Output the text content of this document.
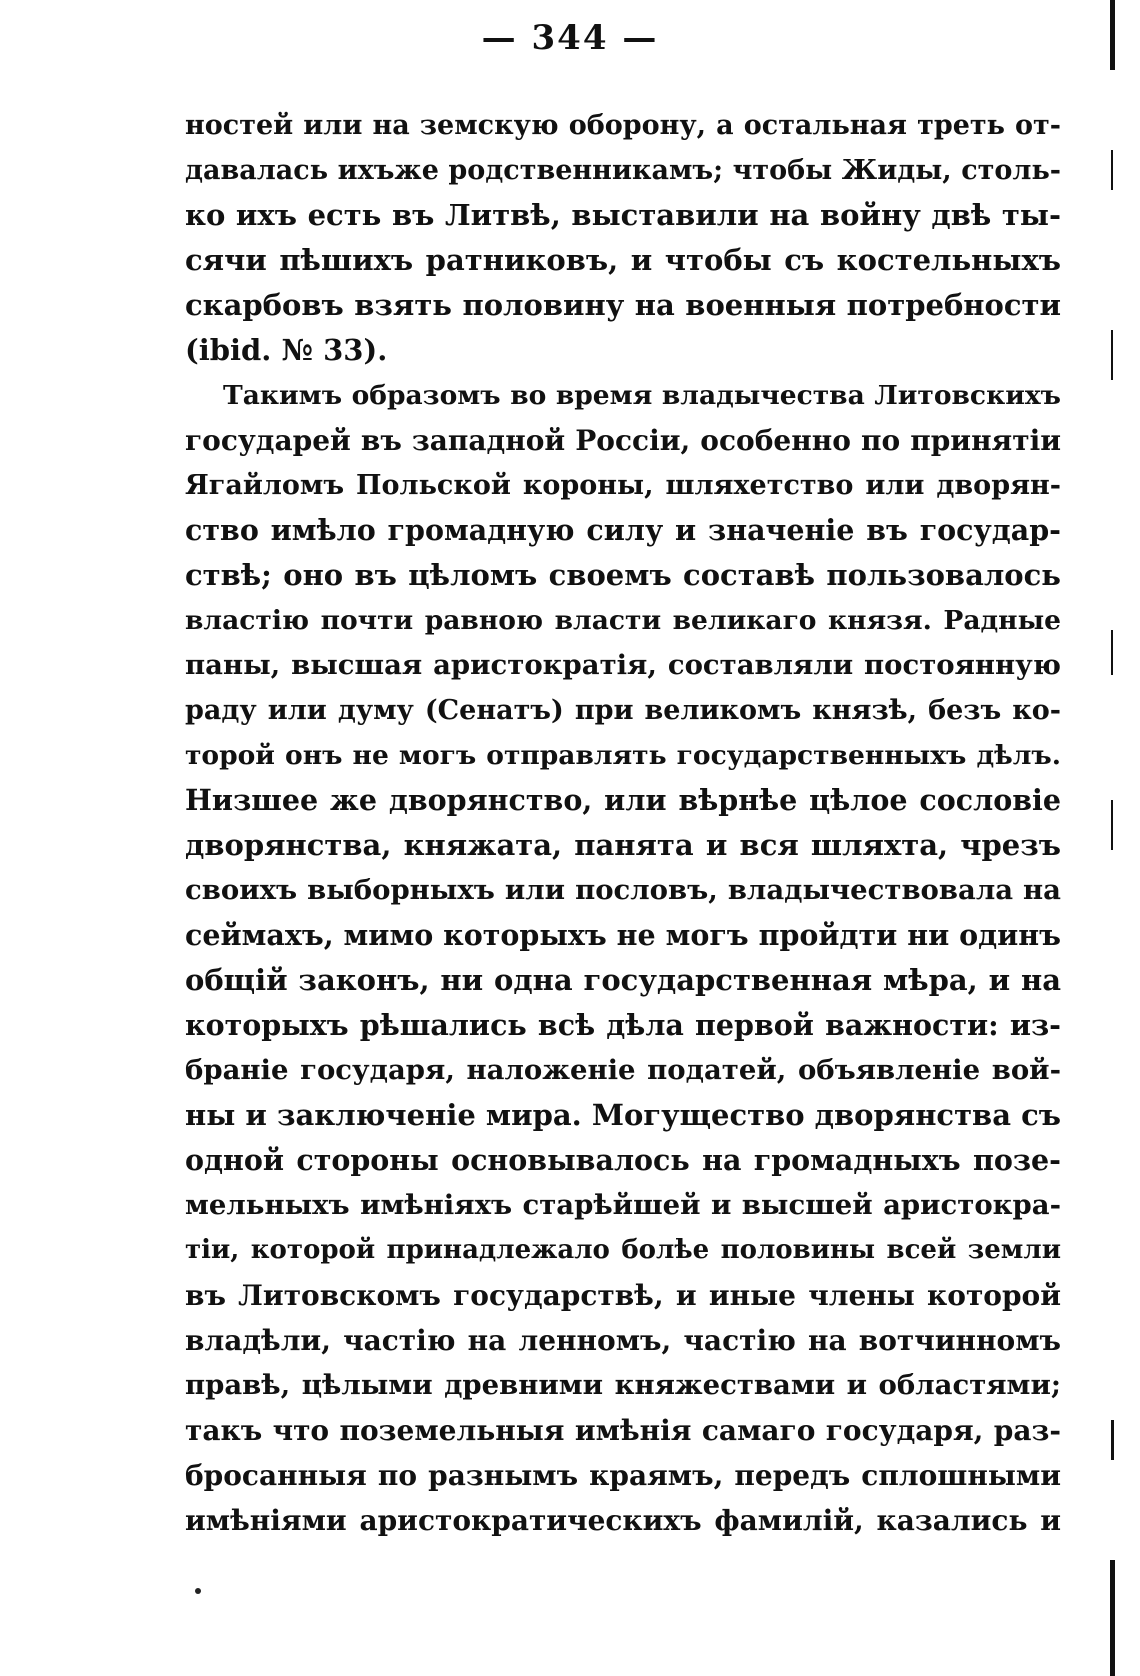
— 344 —
ностей или на земскую оборону, а остальная треть от-
давалась ихъже родственникамъ; чтобы Жиды, столь-
ко ихъ есть въ Литвѣ, выставили на войну двѣ ты-
сячи пѣшихъ ратниковъ, и чтобы съ костельныхъ
скарбовъ взять половину на военныя потребности
(ibid. № 33).
Такимъ образомъ во время владычества Литовскихъ
государей въ западной Россiи, особенно по принятiи
Ягайломъ Польской короны, шляхетство или дворян-
ство имѣло громадную силу и значенiе въ государ-
ствѣ; оно въ цѣломъ своемъ составѣ пользовалось
властiю почти равною власти великаго князя. Радные
паны, высшая аристократiя, составляли постоянную
раду или думу (Сенатъ) при великомъ князѣ, безъ ко-
торой онъ не могъ отправлять государственныхъ дѣлъ.
Низшее же дворянство, или вѣрнѣе цѣлое сословiе
дворянства, княжата, панята и вся шляхта, чрезъ
своихъ выборныхъ или пословъ, владычествовала на
сеймахъ, мимо которыхъ не могъ пройдти ни одинъ
общiй законъ, ни одна государственная мѣра, и на
которыхъ рѣшались всѣ дѣла первой важности: из-
бранiе государя, наложенiе податей, объявленiе вой-
ны и заключенiе мира. Могущество дворянства съ
одной стороны основывалось на громадныхъ позе-
мельныхъ имѣнiяхъ старѣйшей и высшей аристокра-
тiи, которой принадлежало болѣе половины всей земли
въ Литовскомъ государствѣ, и иные члены которой
владѣли, частiю на ленномъ, частiю на вотчинномъ
правѣ, цѣлыми древними княжествами и областями;
такъ что поземельныя имѣнiя самаго государя, раз-
бросанныя по разнымъ краямъ, передъ сплошными
имѣнiями аристократическихъ фамилiй, казались и
